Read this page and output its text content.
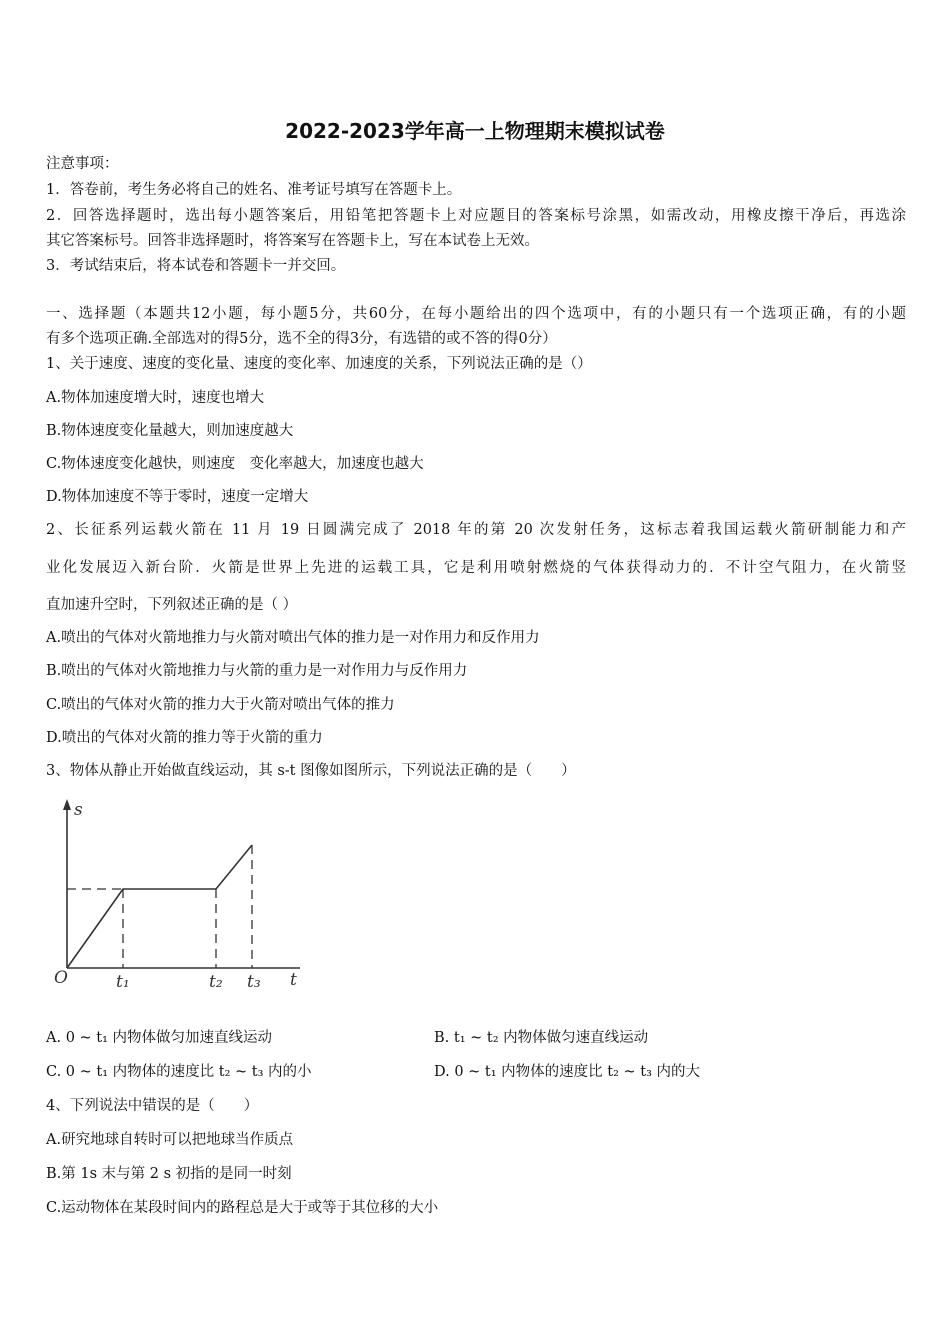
2022-2023学年高一上物理期末模拟试卷
注意事项：
1．答卷前，考生务必将自己的姓名、准考证号填写在答题卡上。
2．回答选择题时，选出每小题答案后，用铅笔把答题卡上对应题目的答案标号涂黑，如需改动，用橡皮擦干净后，再选涂
其它答案标号。回答非选择题时，将答案写在答题卡上，写在本试卷上无效。
3．考试结束后，将本试卷和答题卡一并交回。
一、选择题（本题共12小题，每小题5分，共60分，在每小题给出的四个选项中，有的小题只有一个选项正确，有的小题
有多个选项正确.全部选对的得5分，选不全的得3分，有选错的或不答的得0分）
1、关于速度、速度的变化量、速度的变化率、加速度的关系，下列说法正确的是（）
A.物体加速度增大时，速度也增大
B.物体速度变化量越大，则加速度越大
C.物体速度变化越快，则速度　变化率越大，加速度也越大
D.物体加速度不等于零时，速度一定增大
2、长征系列运载火箭在 11 月 19 日圆满完成了 2018 年的第 20 次发射任务，这标志着我国运载火箭研制能力和产
业化发展迈入新台阶．火箭是世界上先进的运载工具，它是利用喷射燃烧的气体获得动力的．不计空气阻力，在火箭竖
直加速升空时，下列叙述正确的是（ ）
A.喷出的气体对火箭地推力与火箭对喷出气体的推力是一对作用力和反作用力
B.喷出的气体对火箭地推力与火箭的重力是一对作用力与反作用力
C.喷出的气体对火箭的推力大于火箭对喷出气体的推力
D.喷出的气体对火箭的推力等于火箭的重力
3、物体从静止开始做直线运动，其 s-t 图像如图所示，下列说法正确的是（　　）
s
t
O	t₁	t₂ t₃
A. 0 ~ t₁ 内物体做匀加速直线运动	B. t₁ ~ t₂ 内物体做匀速直线运动
C. 0 ~ t₁ 内物体的速度比 t₂ ~ t₃ 内的小	D. 0 ~ t₁ 内物体的速度比 t₂ ~ t₃ 内的大
4、下列说法中错误的是（　　）
A.研究地球自转时可以把地球当作质点
B.第 1s 末与第 2 s 初指的是同一时刻
C.运动物体在某段时间内的路程总是大于或等于其位移的大小
